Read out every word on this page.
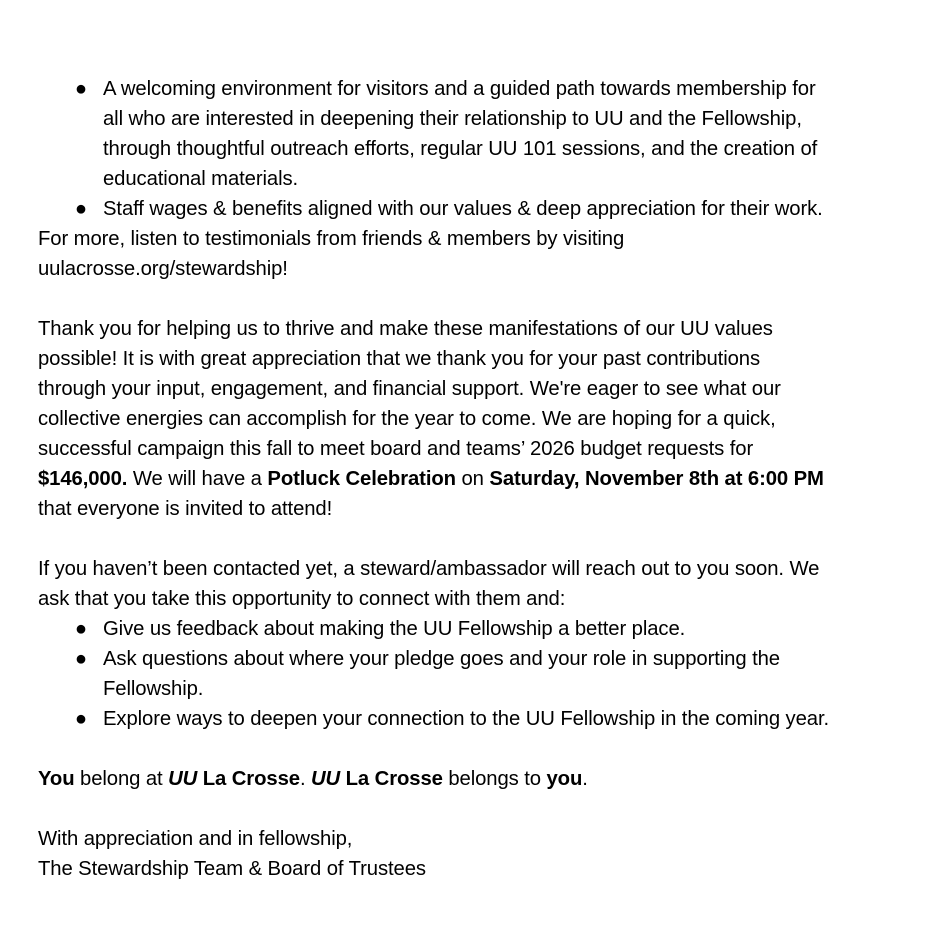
● A welcoming environment for visitors and a guided path towards membership for
all who are interested in deepening their relationship to UU and the Fellowship,
through thoughtful outreach efforts, regular UU 101 sessions, and the creation of
educational materials.
● Staff wages & benefits aligned with our values & deep appreciation for their work.
For more, listen to testimonials from friends & members by visiting
uulacrosse.org/stewardship!
Thank you for helping us to thrive and make these manifestations of our UU values
possible! It is with great appreciation that we thank you for your past contributions
through your input, engagement, and financial support. We're eager to see what our
collective energies can accomplish for the year to come. We are hoping for a quick,
successful campaign this fall to meet board and teams’ 2026 budget requests for
$146,000. We will have a Potluck Celebration on Saturday, November 8th at 6:00 PM
that everyone is invited to attend!
If you haven’t been contacted yet, a steward/ambassador will reach out to you soon. We
ask that you take this opportunity to connect with them and:
● Give us feedback about making the UU Fellowship a better place.
● Ask questions about where your pledge goes and your role in supporting the
Fellowship.
● Explore ways to deepen your connection to the UU Fellowship in the coming year.
You belong at UU La Crosse. UU La Crosse belongs to you.
With appreciation and in fellowship,
The Stewardship Team & Board of Trustees
